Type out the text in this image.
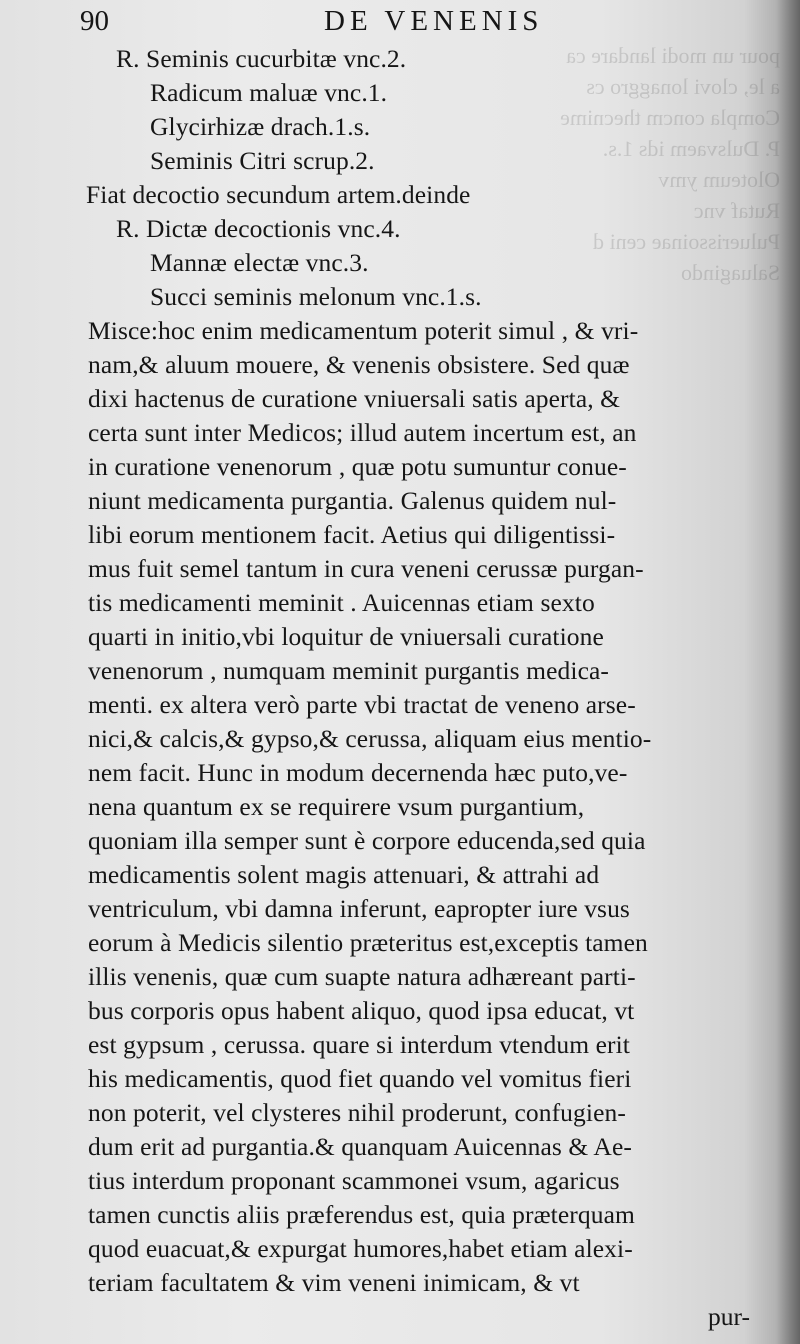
pour un modi landare ca
a le, clovi lonaggro cs
Compla concm thecnime
P. Dulsvaem ids 1.s.
Oloteum ymv
Rutaf vnc
Puluerissoinae ceni d
Saluagindo
90	DE VENENIS
R. Seminis cucurbitæ vnc.2.
Radicum maluæ vnc.1.
Glycirhizæ drach.1.s.
Seminis Citri scrup.2.
Fiat decoctio secundum artem.deinde
R. Dictæ decoctionis vnc.4.
Mannæ electæ vnc.3.
Succi seminis melonum vnc.1.s.
Misce:hoc enim medicamentum poterit simul , & vri-
nam,& aluum mouere, & venenis obsistere. Sed quæ
dixi hactenus de curatione vniuersali satis aperta, &
certa sunt inter Medicos; illud autem incertum est, an
in curatione venenorum , quæ potu sumuntur conue-
niunt medicamenta purgantia. Galenus quidem nul-
libi eorum mentionem facit. Aetius qui diligentissi-
mus fuit semel tantum in cura veneni cerussæ purgan-
tis medicamenti meminit . Auicennas etiam sexto
quarti in initio,vbi loquitur de vniuersali curatione
venenorum , numquam meminit purgantis medica-
menti. ex altera verò parte vbi tractat de veneno arse-
nici,& calcis,& gypso,& cerussa, aliquam eius mentio-
nem facit. Hunc in modum decernenda hæc puto,ve-
nena quantum ex se requirere vsum purgantium,
quoniam illa semper sunt è corpore educenda,sed quia
medicamentis solent magis attenuari, & attrahi ad
ventriculum, vbi damna inferunt, eapropter iure vsus
eorum à Medicis silentio præteritus est,exceptis tamen
illis venenis, quæ cum suapte natura adhæreant parti-
bus corporis opus habent aliquo, quod ipsa educat, vt
est gypsum , cerussa. quare si interdum vtendum erit
his medicamentis, quod fiet quando vel vomitus fieri
non poterit, vel clysteres nihil proderunt, confugien-
dum erit ad purgantia.& quanquam Auicennas & Ae-
tius interdum proponant scammonei vsum, agaricus
tamen cunctis aliis præferendus est, quia præterquam
quod euacuat,& expurgat humores,habet etiam alexi-
teriam facultatem & vim veneni inimicam, & vt
pur-
